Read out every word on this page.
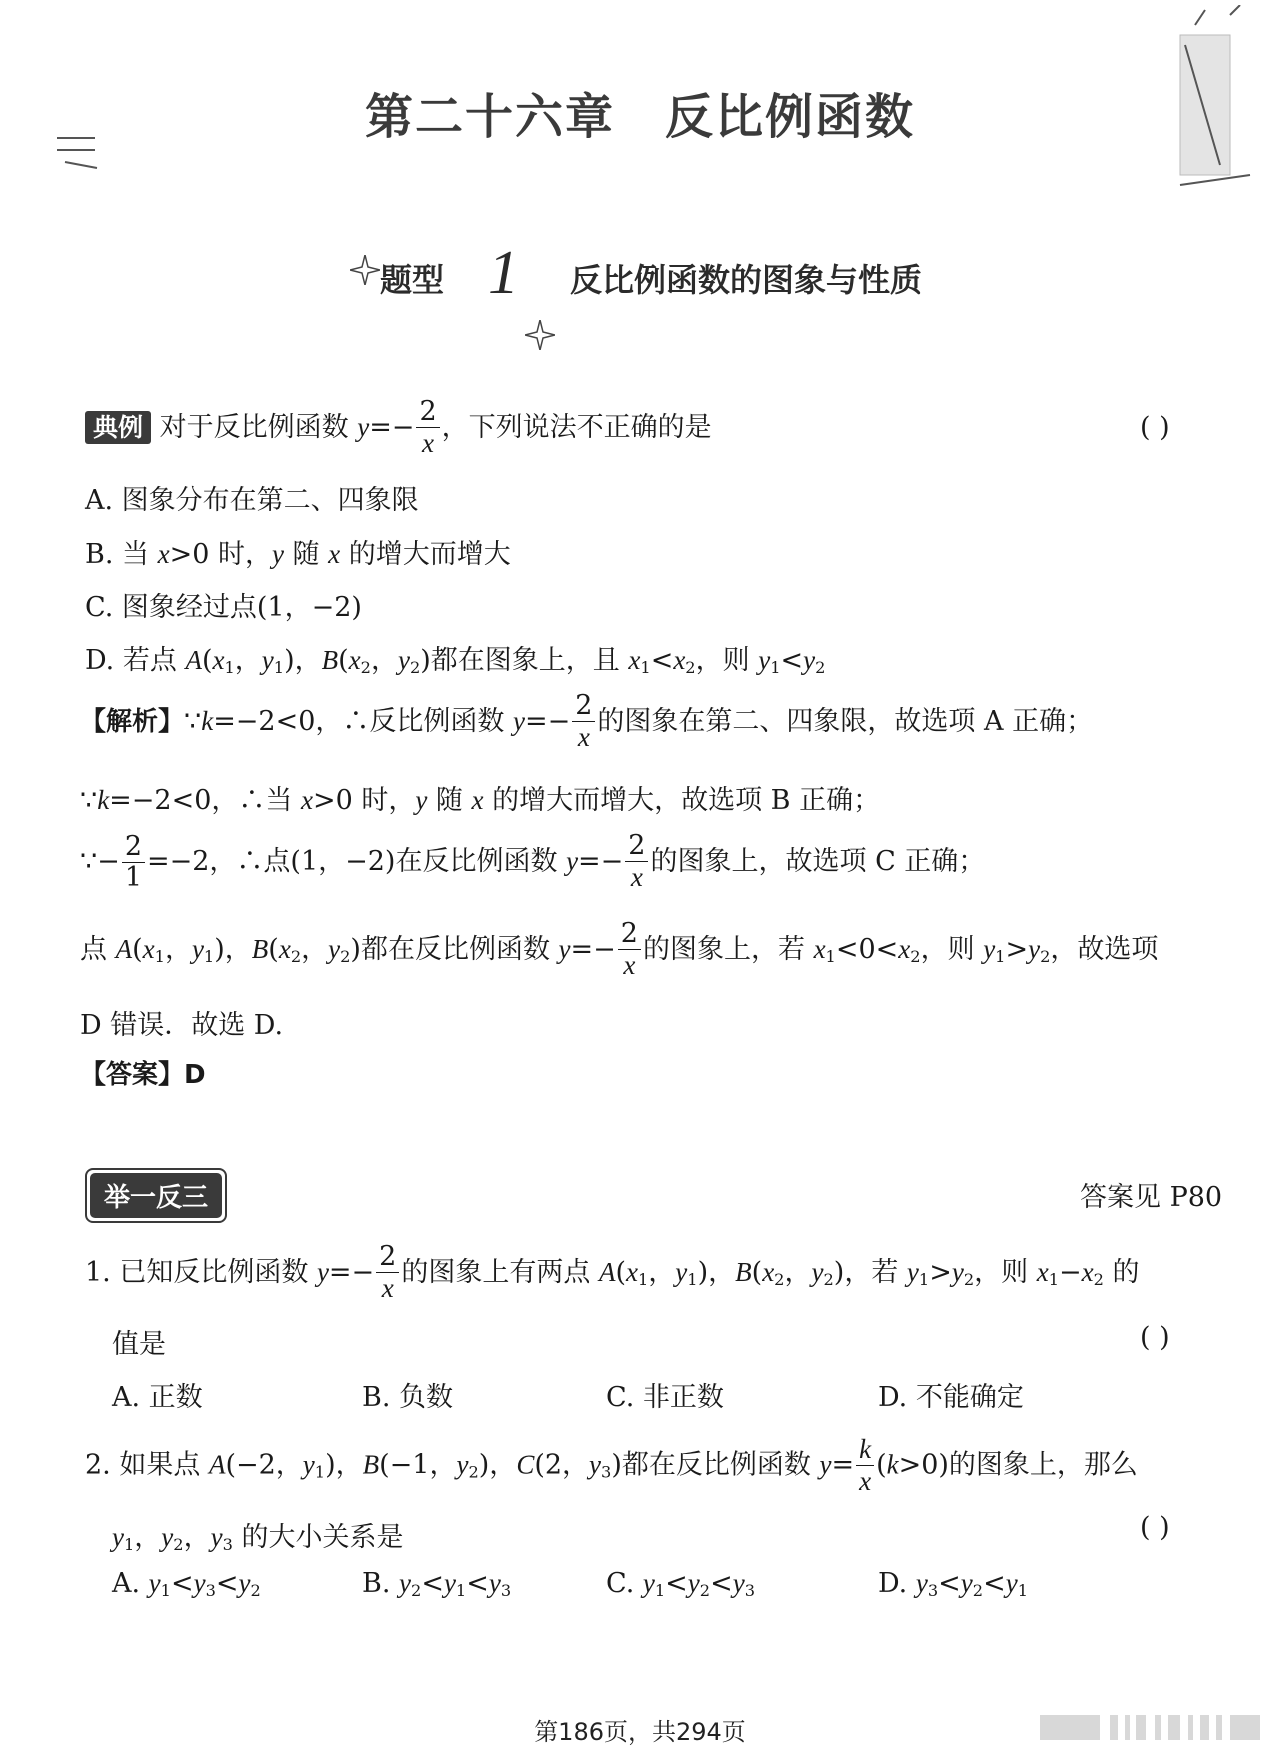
第二十六章 反比例函数
题型 1 反比例函数的图象与性质
典例 对于反比例函数 $y=- \frac{2}{x}$ ，下列说法不正确的是	( )
A. 图象分布在第二、四象限
B. 当 x>0 时，y 随 x 的增大而增大
C. 图象经过点(1，−2)
D. 若点 $A(x_1$，$y_1$)，$B(x_2$，$y_2$)都在图象上，且 $x_1<x_2$，则 $y_1<y_2$
【解析】∵k=−2<0，∴反比例函数 $y=- \frac{2}{x}$ 的图象在第二、四象限，故选项 A 正确；
∵k=−2<0，∴当 x>0 时，y 随 x 的增大而增大，故选项 B 正确；
∵− $\frac{2}{1} =-2$，∴点(1，−2)在反比例函数 $y=- \frac{2}{x}$ 的图象上，故选项 C 正确；
点 $A(x_1$，$y_1$)，$B(x_2$，$y_2$)都在反比例函数 $y=- \frac{2}{x}$ 的图象上，若 $x_1<0<x_2$，则 $y_1>y_2$，故选项
D 错误．故选 D.
【答案】D
举一反三	答案见 P80
1. 已知反比例函数 $y=- \frac{2}{x}$ 的图象上有两点 $A(x_1$，$y_1$)，$B(x_2$，$y_2$)，若 $y_1>y_2$，则 $x_1-x_2$ 的
值是	( )
A. 正数	B. 负数	C. 非正数	D. 不能确定
2. 如果点 A(−2，$y_1$)，B(−1，$y_2$)，C(2，$y_3$)都在反比例函数 $y= \frac{k}{x} (k>0)$的图象上，那么
$y_1$，$y_2$，$y_3$ 的大小关系是	( )
A. $y_1<y_3<y_2$	B. $y_2<y_1<y_3$	C. $y_1<y_2<y_3$	D. $y_3<y_2<y_1$
第186页，共294页
